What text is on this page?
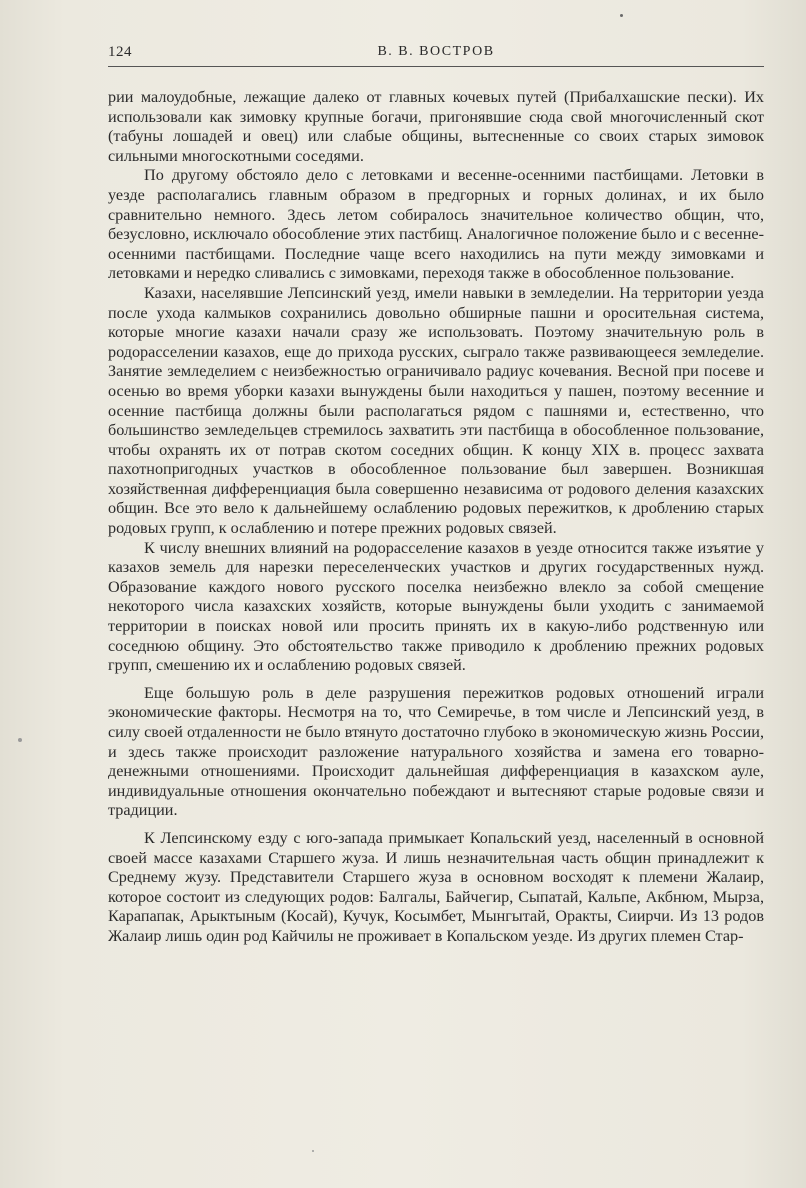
124	В. В. ВОСТРОВ

рии малоудобные, лежащие далеко от главных кочевых путей (Прибалхашские пески). Их использовали как зимовку крупные богачи, пригонявшие сюда свой многочисленный скот (табуны лошадей и овец) или слабые общины, вытесненные со своих старых зимовок сильными многоскотными соседями.

По другому обстояло дело с летовками и весенне-осенними пастбищами. Летовки в уезде располагались главным образом в предгорных и горных долинах, и их было сравнительно немного. Здесь летом собиралось значительное количество общин, что, безусловно, исключало обособление этих пастбищ. Аналогичное положение было и с весенне-осенними пастбищами. Последние чаще всего находились на пути между зимовками и летовками и нередко сливались с зимовками, переходя также в обособленное пользование.

Казахи, населявшие Лепсинский уезд, имели навыки в земледелии. На территории уезда после ухода калмыков сохранились довольно обширные пашни и оросительная система, которые многие казахи начали сразу же использовать. Поэтому значительную роль в родорасселении казахов, еще до прихода русских, сыграло также развивающееся земледелие. Занятие земледелием с неизбежностью ограничивало радиус кочевания. Весной при посеве и осенью во время уборки казахи вынуждены были находиться у пашен, поэтому весенние и осенние пастбища должны были располагаться рядом с пашнями и, естественно, что большинство земледельцев стремилось захватить эти пастбища в обособленное пользование, чтобы охранять их от потрав скотом соседних общин. К концу XIX в. процесс захвата пахотнопригодных участков в обособленное пользование был завершен. Возникшая хозяйственная дифференциация была совершенно независима от родового деления казахских общин. Все это вело к дальнейшему ослаблению родовых пережитков, к дроблению старых родовых групп, к ослаблению и потере прежних родовых связей.

К числу внешних влияний на родорасселение казахов в уезде относится также изъятие у казахов земель для нарезки переселенческих участков и других государственных нужд. Образование каждого нового русского поселка неизбежно влекло за собой смещение некоторого числа казахских хозяйств, которые вынуждены были уходить с занимаемой территории в поисках новой или просить принять их в какую-либо родственную или соседнюю общину. Это обстоятельство также приводило к дроблению прежних родовых групп, смешению их и ослаблению родовых связей.

Еще большую роль в деле разрушения пережитков родовых отношений играли экономические факторы. Несмотря на то, что Семиречье, в том числе и Лепсинский уезд, в силу своей отдаленности не было втянуто достаточно глубоко в экономическую жизнь России, и здесь также происходит разложение натурального хозяйства и замена его товарно-денежными отношениями. Происходит дальнейшая дифференциация в казахском ауле, индивидуальные отношения окончательно побеждают и вытесняют старые родовые связи и традиции.

К Лепсинскому езду с юго-запада примыкает Копальский уезд, населенный в основной своей массе казахами Старшего жуза. И лишь незначительная часть общин принадлежит к Среднему жузу. Представители Старшего жуза в основном восходят к племени Жалаир, которое состоит из следующих родов: Балгалы, Байчегир, Сыпатай, Кальпе, Акбнюм, Мырза, Карапапак, Арыктыным (Косай), Кучук, Косымбет, Мынгытай, Оракты, Сиирчи. Из 13 родов Жалаир лишь один род Кайчилы не проживает в Копальском уезде. Из других племен Стар-
